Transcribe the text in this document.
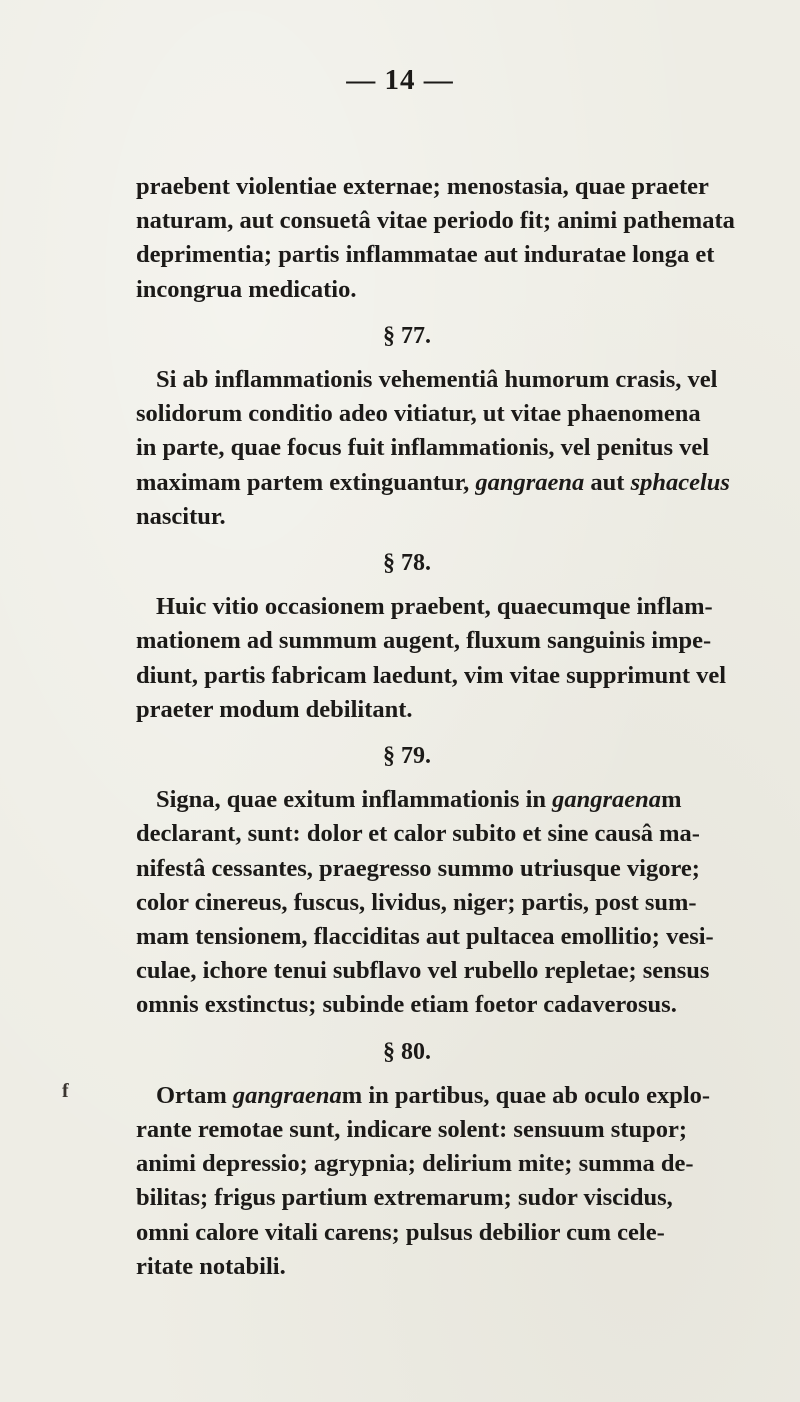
— 14 —
praebent violentiae externae; menostasia, quae praeter
naturam, aut consuetâ vitae periodo fit; animi pathemata
deprimentia; partis inflammatae aut induratae longa et
incongrua medicatio.
§ 77.
Si ab inflammationis vehementiâ humorum crasis, vel
solidorum conditio adeo vitiatur, ut vitae phaenomena
in parte, quae focus fuit inflammationis, vel penitus vel
maximam partem extinguantur, gangraena aut sphacelus
nascitur.
§ 78.
Huic vitio occasionem praebent, quaecumque inflam-
mationem ad summum augent, fluxum sanguinis impe-
diunt, partis fabricam laedunt, vim vitae supprimunt vel
praeter modum debilitant.
§ 79.
Signa, quae exitum inflammationis in gangraenam
declarant, sunt: dolor et calor subito et sine causâ ma-
nifestâ cessantes, praegresso summo utriusque vigore;
color cinereus, fuscus, lividus, niger; partis, post sum-
mam tensionem, flacciditas aut pultacea emollitio; vesi-
culae, ichore tenui subflavo vel rubello repletae; sensus
omnis exstinctus; subinde etiam foetor cadaverosus.
§ 80.
Ortam gangraenam in partibus, quae ab oculo explo-
rante remotae sunt, indicare solent: sensuum stupor;
animi depressio; agrypnia; delirium mite; summa de-
bilitas; frigus partium extremarum; sudor viscidus,
omni calore vitali carens; pulsus debilior cum cele-
ritate notabili.
f
